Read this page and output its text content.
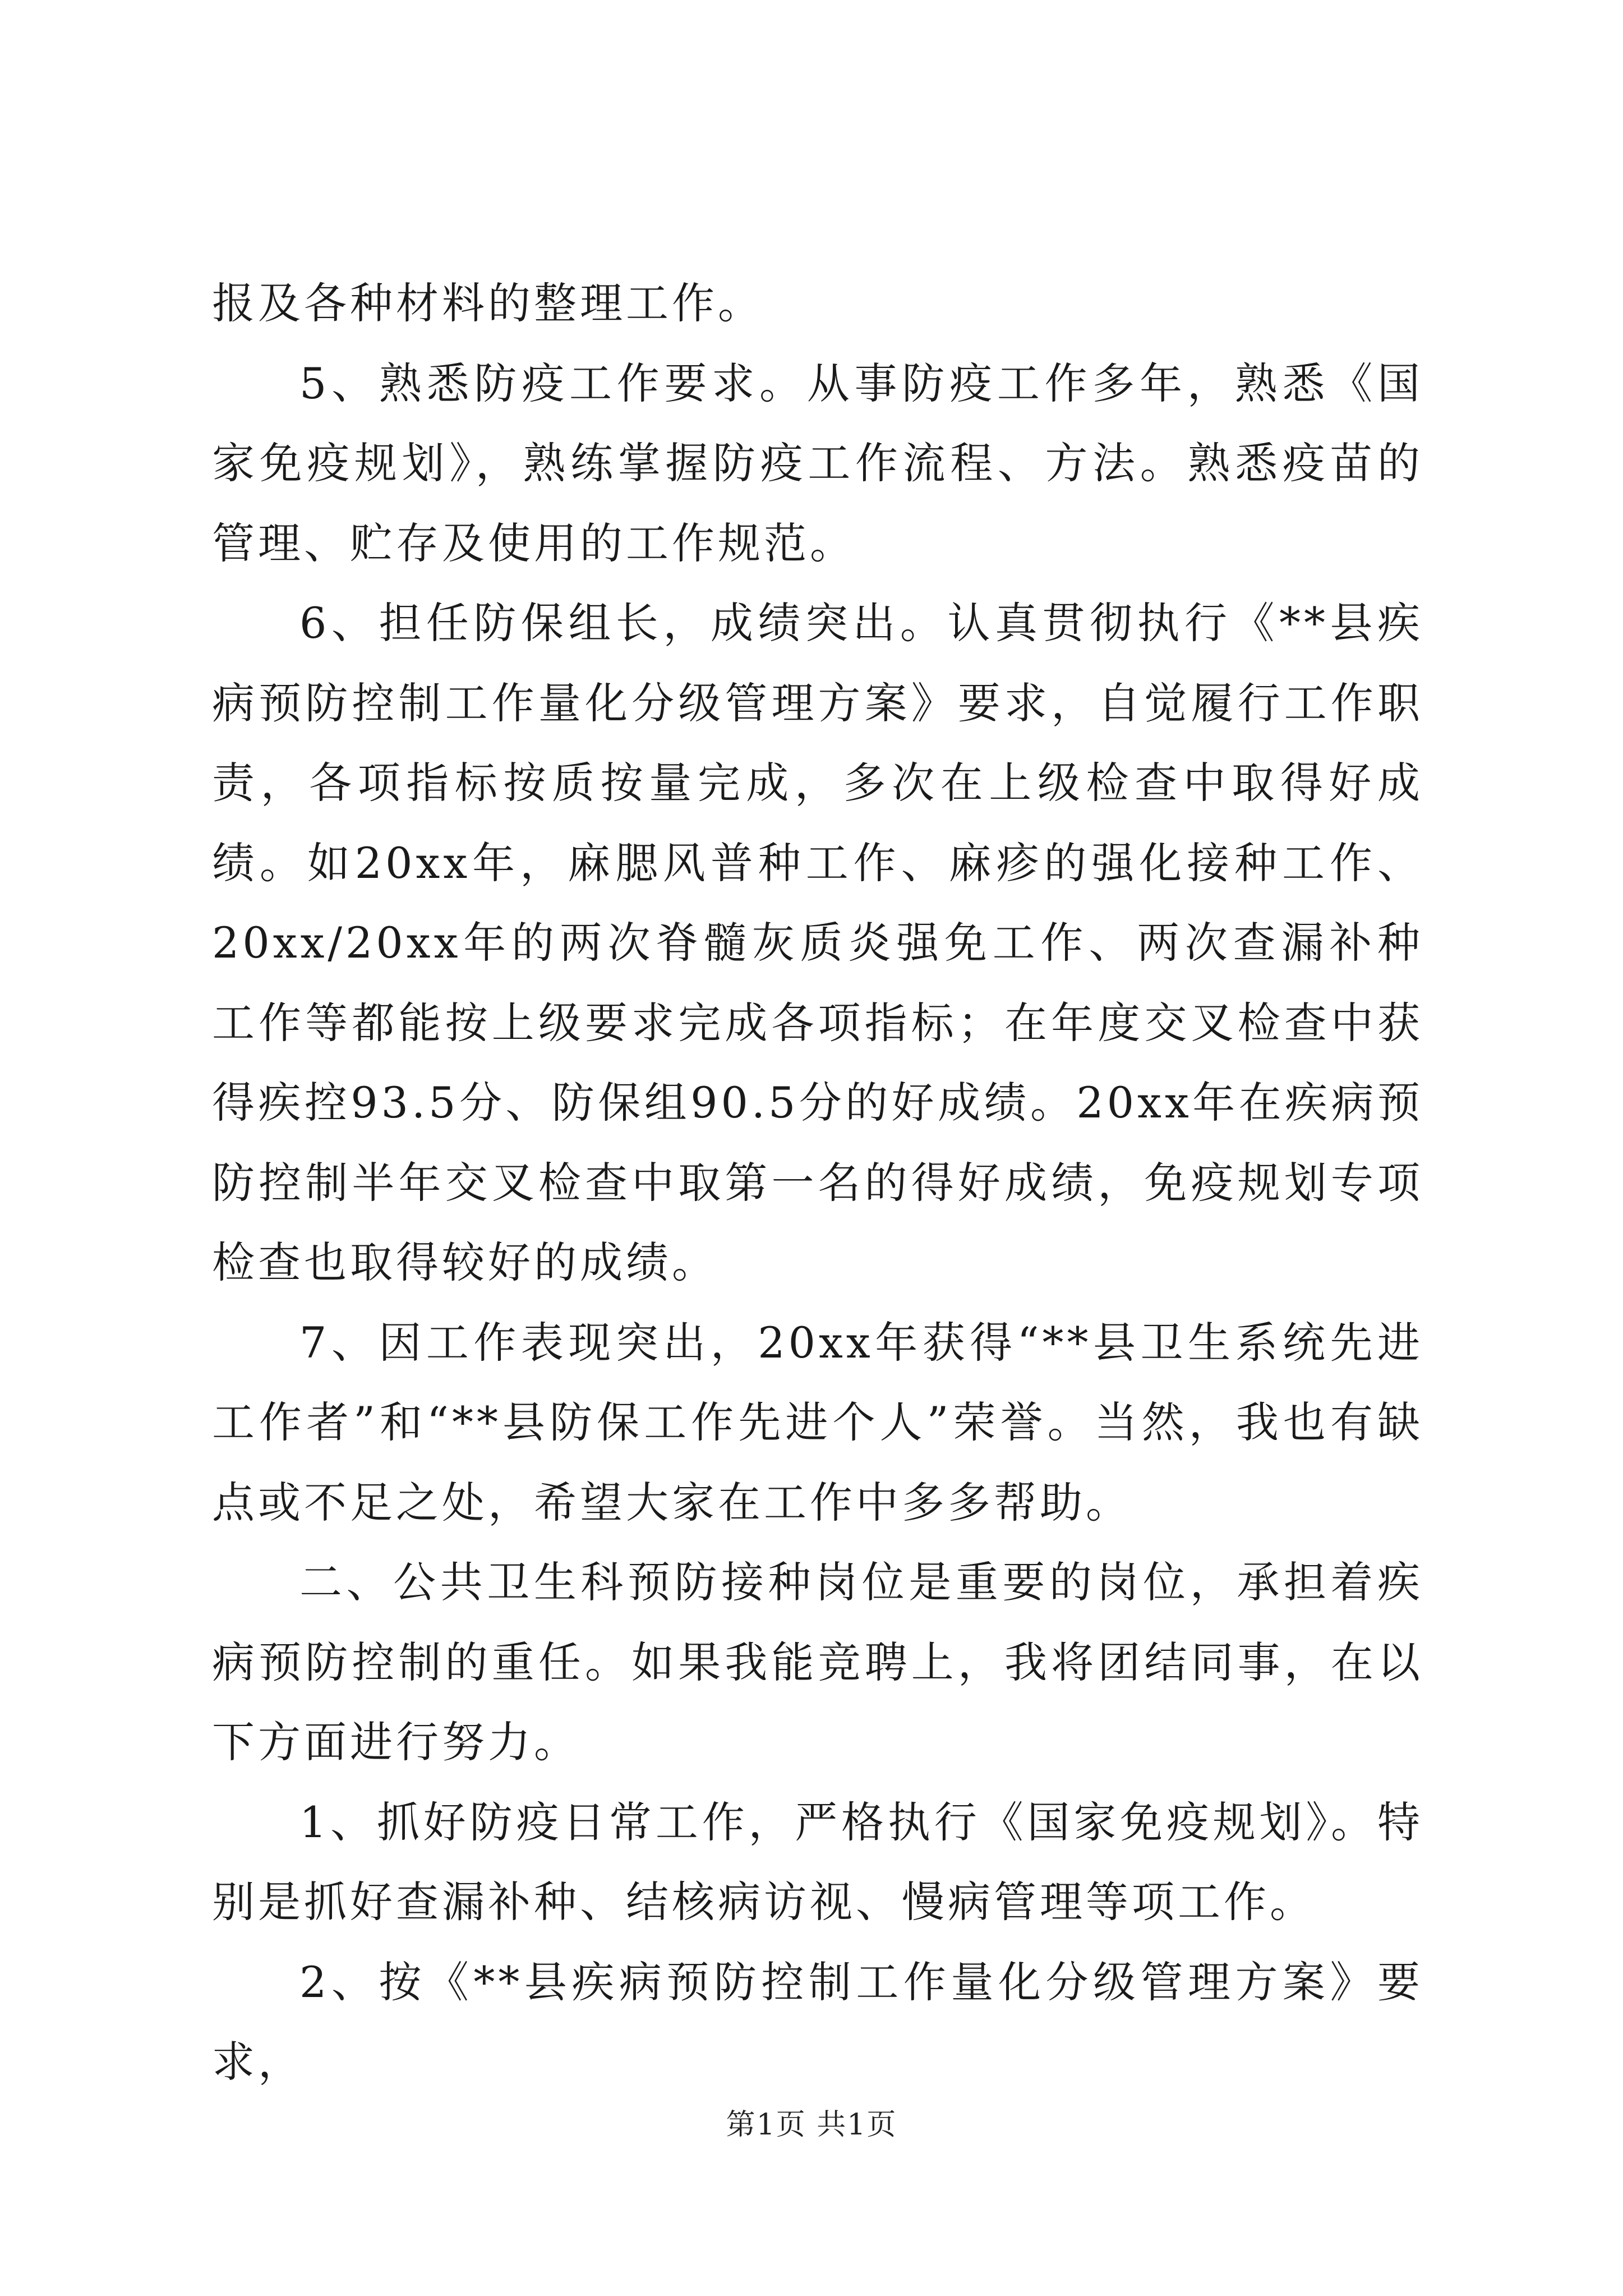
报及各种材料的整理工作。

5、熟悉防疫工作要求。从事防疫工作多年，熟悉《国家免疫规划》，熟练掌握防疫工作流程、方法。熟悉疫苗的管理、贮存及使用的工作规范。

6、担任防保组长，成绩突出。认真贯彻执行《**县疾病预防控制工作量化分级管理方案》要求，自觉履行工作职责，各项指标按质按量完成，多次在上级检查中取得好成绩。如20xx年，麻腮风普种工作、麻疹的强化接种工作、20xx/20xx年的两次脊髓灰质炎强免工作、两次查漏补种工作等都能按上级要求完成各项指标；在年度交叉检查中获得疾控93.5分、防保组90.5分的好成绩。20xx年在疾病预防控制半年交叉检查中取第一名的得好成绩，免疫规划专项检查也取得较好的成绩。

7、因工作表现突出，20xx年获得“**县卫生系统先进工作者”和“**县防保工作先进个人”荣誉。当然，我也有缺点或不足之处，希望大家在工作中多多帮助。

二、公共卫生科预防接种岗位是重要的岗位，承担着疾病预防控制的重任。如果我能竞聘上，我将团结同事，在以下方面进行努力。

1、抓好防疫日常工作，严格执行《国家免疫规划》。特别是抓好查漏补种、结核病访视、慢病管理等项工作。

2、按《**县疾病预防控制工作量化分级管理方案》要求，

第1页 共1页
